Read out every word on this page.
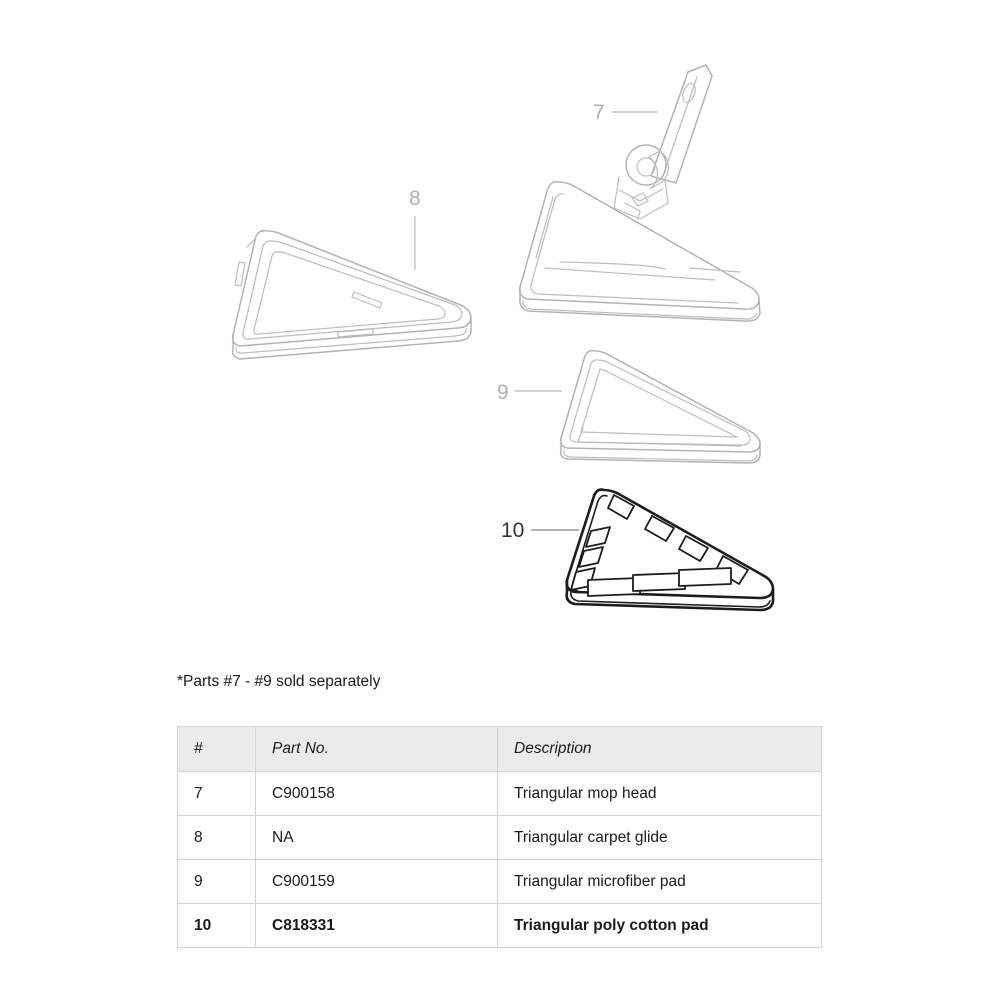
7
8
9
10
*Parts #7 - #9 sold separately
#	Part No.	Description
7	C900158	Triangular mop head
8	NA	Triangular carpet glide
9	C900159	Triangular microfiber pad
10	C818331	Triangular poly cotton pad
